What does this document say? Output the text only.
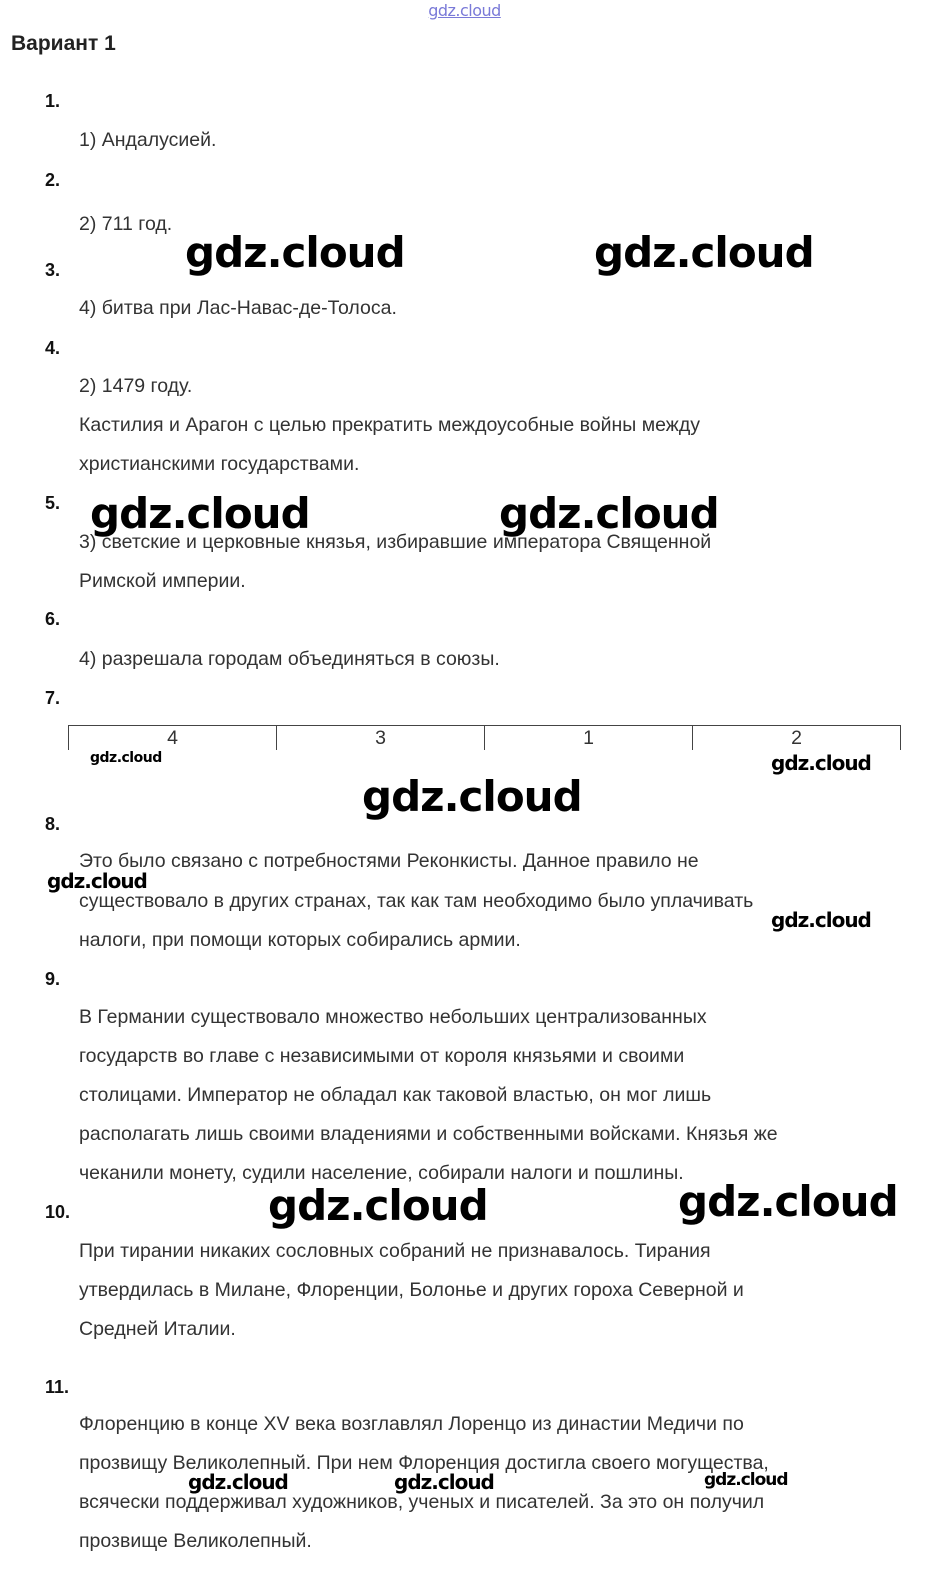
gdz.cloud
Вариант 1
1.
1) Андалусией.
2.
2) 711 год.
3.
4) битва при Лас-Навас-де-Толоса.
4.
2) 1479 году.
Кастилия и Арагон с целью прекратить междоусобные войны между
христианскими государствами.
5.
3) светские и церковные князья, избиравшие императора Священной
Римской империи.
6.
4) разрешала городам объединяться в союзы.
7.
4	3	1	2
8.
Это было связано с потребностями Реконкисты. Данное правило не
существовало в других странах, так как там необходимо было уплачивать
налоги, при помощи которых собирались армии.
9.
В Германии существовало множество небольших централизованных
государств во главе с независимыми от короля князьями и своими
столицами. Император не обладал как таковой властью, он мог лишь
располагать лишь своими владениями и собственными войсками. Князья же
чеканили монету, судили население, собирали налоги и пошлины.
10.
При тирании никаких сословных собраний не признавалось. Тирания
утвердилась в Милане, Флоренции, Болонье и других гороха Северной и
Средней Италии.
11.
Флоренцию в конце XV века возглавлял Лоренцо из династии Медичи по
прозвищу Великолепный. При нем Флоренция достигла своего могущества,
всячески поддерживал художников, ученых и писателей. За это он получил
прозвище Великолепный.
gdz.cloud	gdz.cloud
gdz.cloud	gdz.cloud
gdz.cloud	gdz.cloud
gdz.cloud
gdz.cloud
gdz.cloud
gdz.cloud	gdz.cloud
gdz.cloud	gdz.cloud	gdz.cloud
